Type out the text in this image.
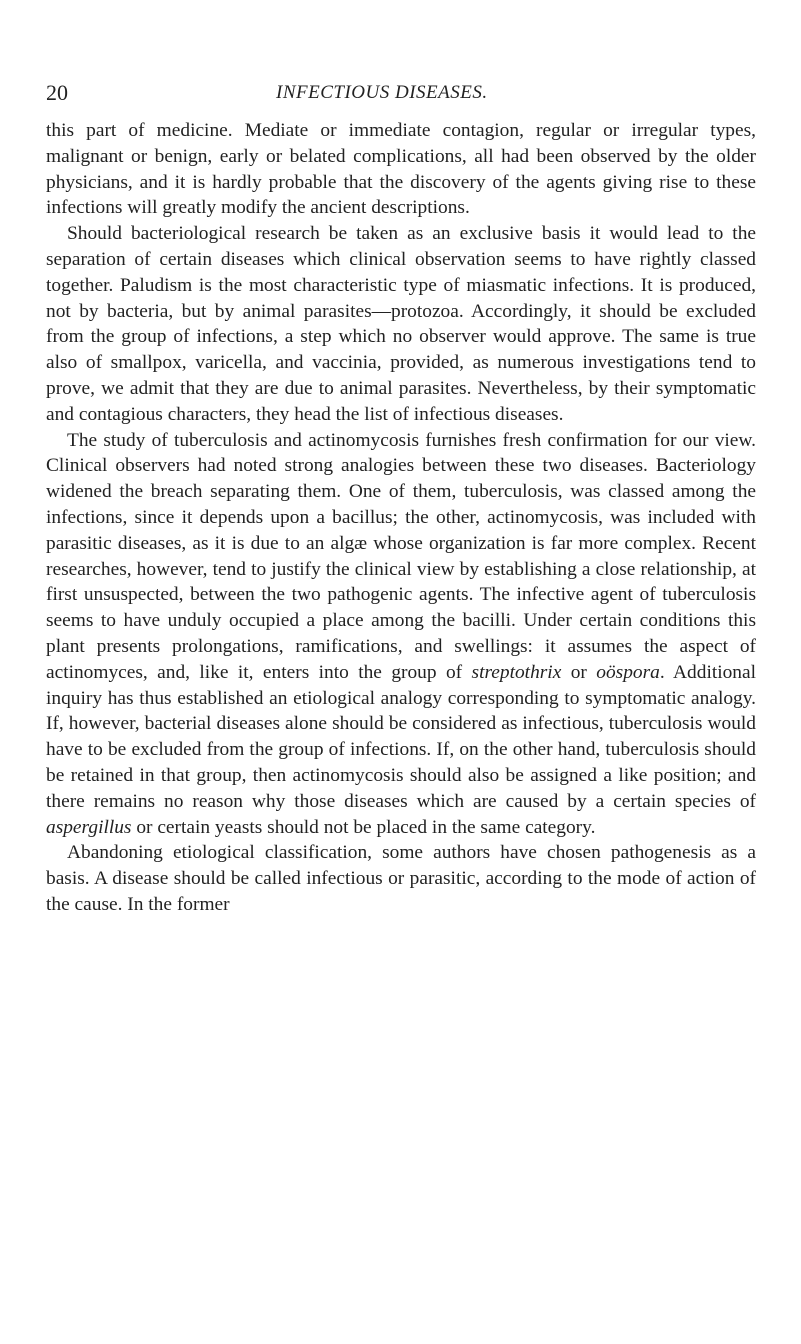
20	INFECTIOUS DISEASES.

this part of medicine. Mediate or immediate contagion, regular or irregular types, malignant or benign, early or belated complications, all had been observed by the older physicians, and it is hardly probable that the discovery of the agents giving rise to these infections will greatly modify the ancient descriptions.

Should bacteriological research be taken as an exclusive basis it would lead to the separation of certain diseases which clinical observation seems to have rightly classed together. Paludism is the most characteristic type of miasmatic infections. It is produced, not by bacteria, but by animal parasites—protozoa. Accordingly, it should be excluded from the group of infections, a step which no observer would approve. The same is true also of smallpox, varicella, and vaccinia, provided, as numerous investigations tend to prove, we admit that they are due to animal parasites. Nevertheless, by their symptomatic and contagious characters, they head the list of infectious diseases.

The study of tuberculosis and actinomycosis furnishes fresh confirmation for our view. Clinical observers had noted strong analogies between these two diseases. Bacteriology widened the breach separating them. One of them, tuberculosis, was classed among the infections, since it depends upon a bacillus; the other, actinomycosis, was included with parasitic diseases, as it is due to an algæ whose organization is far more complex. Recent researches, however, tend to justify the clinical view by establishing a close relationship, at first unsuspected, between the two pathogenic agents. The infective agent of tuberculosis seems to have unduly occupied a place among the bacilli. Under certain conditions this plant presents prolongations, ramifications, and swellings: it assumes the aspect of actinomyces, and, like it, enters into the group of streptothrix or oöspora. Additional inquiry has thus established an etiological analogy corresponding to symptomatic analogy. If, however, bacterial diseases alone should be considered as infectious, tuberculosis would have to be excluded from the group of infections. If, on the other hand, tuberculosis should be retained in that group, then actinomycosis should also be assigned a like position; and there remains no reason why those diseases which are caused by a certain species of aspergillus or certain yeasts should not be placed in the same category.

Abandoning etiological classification, some authors have chosen pathogenesis as a basis. A disease should be called infectious or parasitic, according to the mode of action of the cause. In the former
